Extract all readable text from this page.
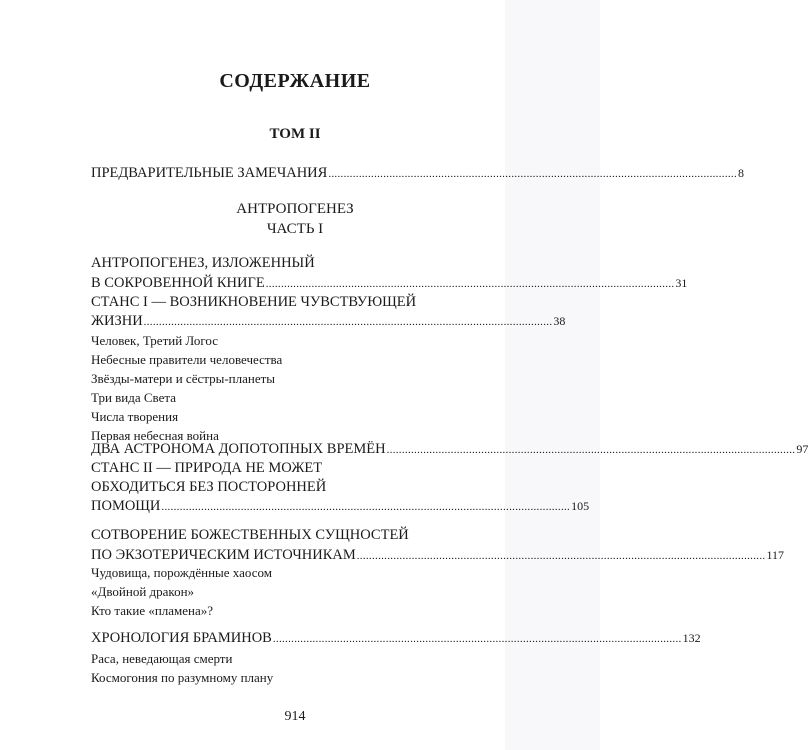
СОДЕРЖАНИЕ
ТОМ II
ПРЕДВАРИТЕЛЬНЫЕ ЗАМЕЧАНИЯ ...................................................................................................................................... 8
АНТРОПОГЕНЕЗ
ЧАСТЬ I
АНТРОПОГЕНЕЗ, ИЗЛОЖЕННЫЙ
В СОКРОВЕННОЙ КНИГЕ ...................................................................................................................................... 31
СТАНС I — ВОЗНИКНОВЕНИЕ ЧУВСТВУЮЩЕЙ
ЖИЗНИ ...................................................................................................................................... 38
Человек, Третий Логос
Небесные правители человечества
Звёзды-матери и сёстры-планеты
Три вида Света
Числа творения
Первая небесная война
ДВА АСТРОНОМА ДОПОТОПНЫХ ВРЕМЁН ...................................................................................................................................... 97
СТАНС II — ПРИРОДА НЕ МОЖЕТ
ОБХОДИТЬСЯ БЕЗ ПОСТОРОННЕЙ
ПОМОЩИ ...................................................................................................................................... 105
СОТВОРЕНИЕ БОЖЕСТВЕННЫХ СУЩНОСТЕЙ
ПО ЭКЗОТЕРИЧЕСКИМ ИСТОЧНИКАМ ...................................................................................................................................... 117
Чудовища, порождённые хаосом
«Двойной дракон»
Кто такие «пламена»?
ХРОНОЛОГИЯ БРАМИНОВ ...................................................................................................................................... 132
Раса, неведающая смерти
Космогония по разумному плану
914
